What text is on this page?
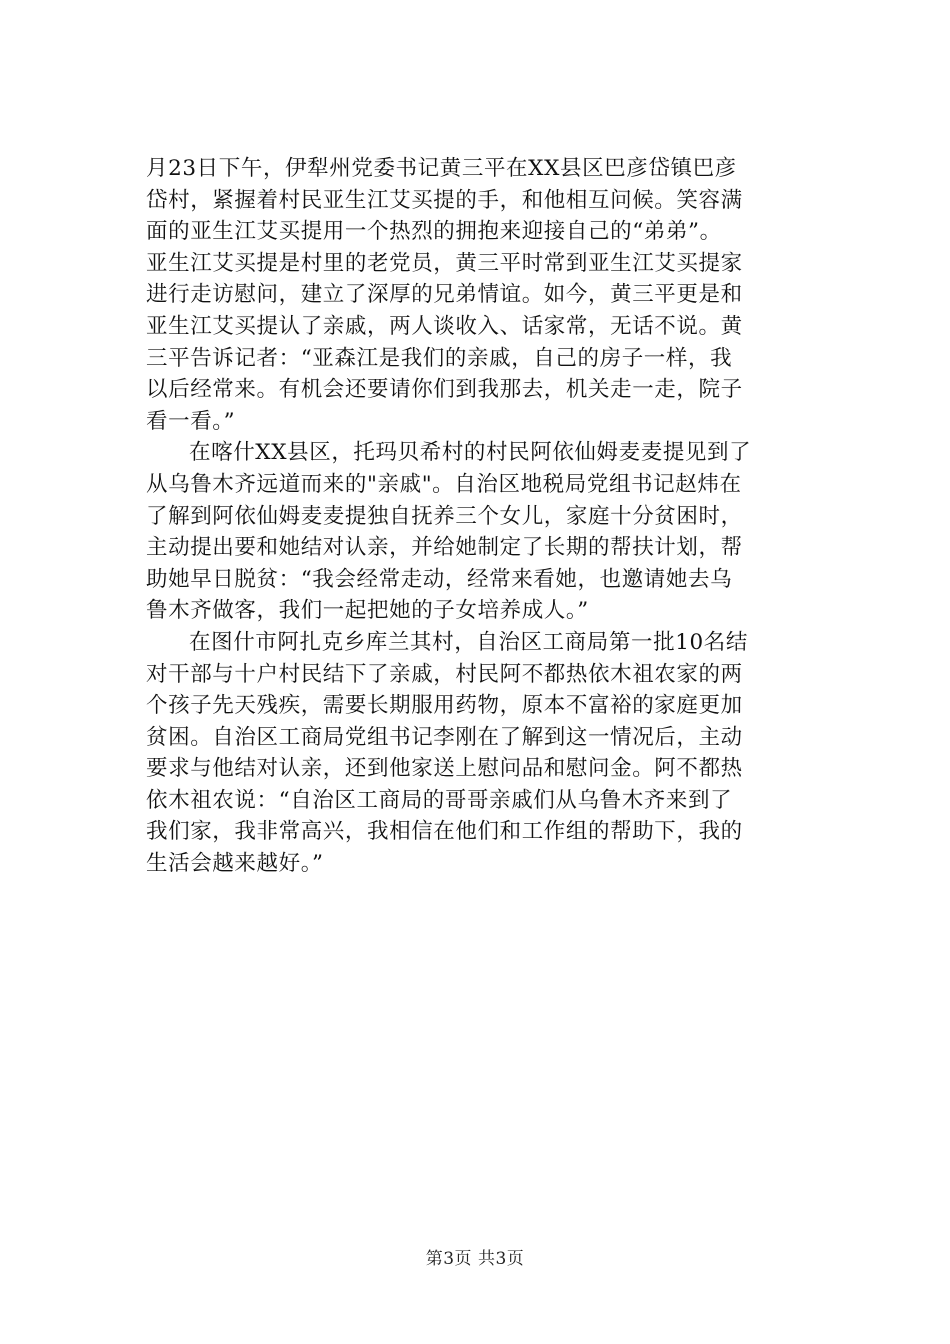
月23日下午，伊犁州党委书记黄三平在XX县区巴彦岱镇巴彦
岱村，紧握着村民亚生江艾买提的手，和他相互问候。笑容满
面的亚生江艾买提用一个热烈的拥抱来迎接自己的“弟弟”。
亚生江艾买提是村里的老党员，黄三平时常到亚生江艾买提家
进行走访慰问，建立了深厚的兄弟情谊。如今，黄三平更是和
亚生江艾买提认了亲戚，两人谈收入、话家常，无话不说。黄
三平告诉记者：“亚森江是我们的亲戚，自己的房子一样，我
以后经常来。有机会还要请你们到我那去，机关走一走，院子
看一看。”
在喀什XX县区，托玛贝希村的村民阿依仙姆麦麦提见到了
从乌鲁木齐远道而来的"亲戚"。自治区地税局党组书记赵炜在
了解到阿依仙姆麦麦提独自抚养三个女儿，家庭十分贫困时，
主动提出要和她结对认亲，并给她制定了长期的帮扶计划，帮
助她早日脱贫：“我会经常走动，经常来看她，也邀请她去乌
鲁木齐做客，我们一起把她的子女培养成人。”
在图什市阿扎克乡库兰其村，自治区工商局第一批10名结
对干部与十户村民结下了亲戚，村民阿不都热依木祖农家的两
个孩子先天残疾，需要长期服用药物，原本不富裕的家庭更加
贫困。自治区工商局党组书记李刚在了解到这一情况后，主动
要求与他结对认亲，还到他家送上慰问品和慰问金。阿不都热
依木祖农说：“自治区工商局的哥哥亲戚们从乌鲁木齐来到了
我们家，我非常高兴，我相信在他们和工作组的帮助下，我的
生活会越来越好。”
第3页 共3页
